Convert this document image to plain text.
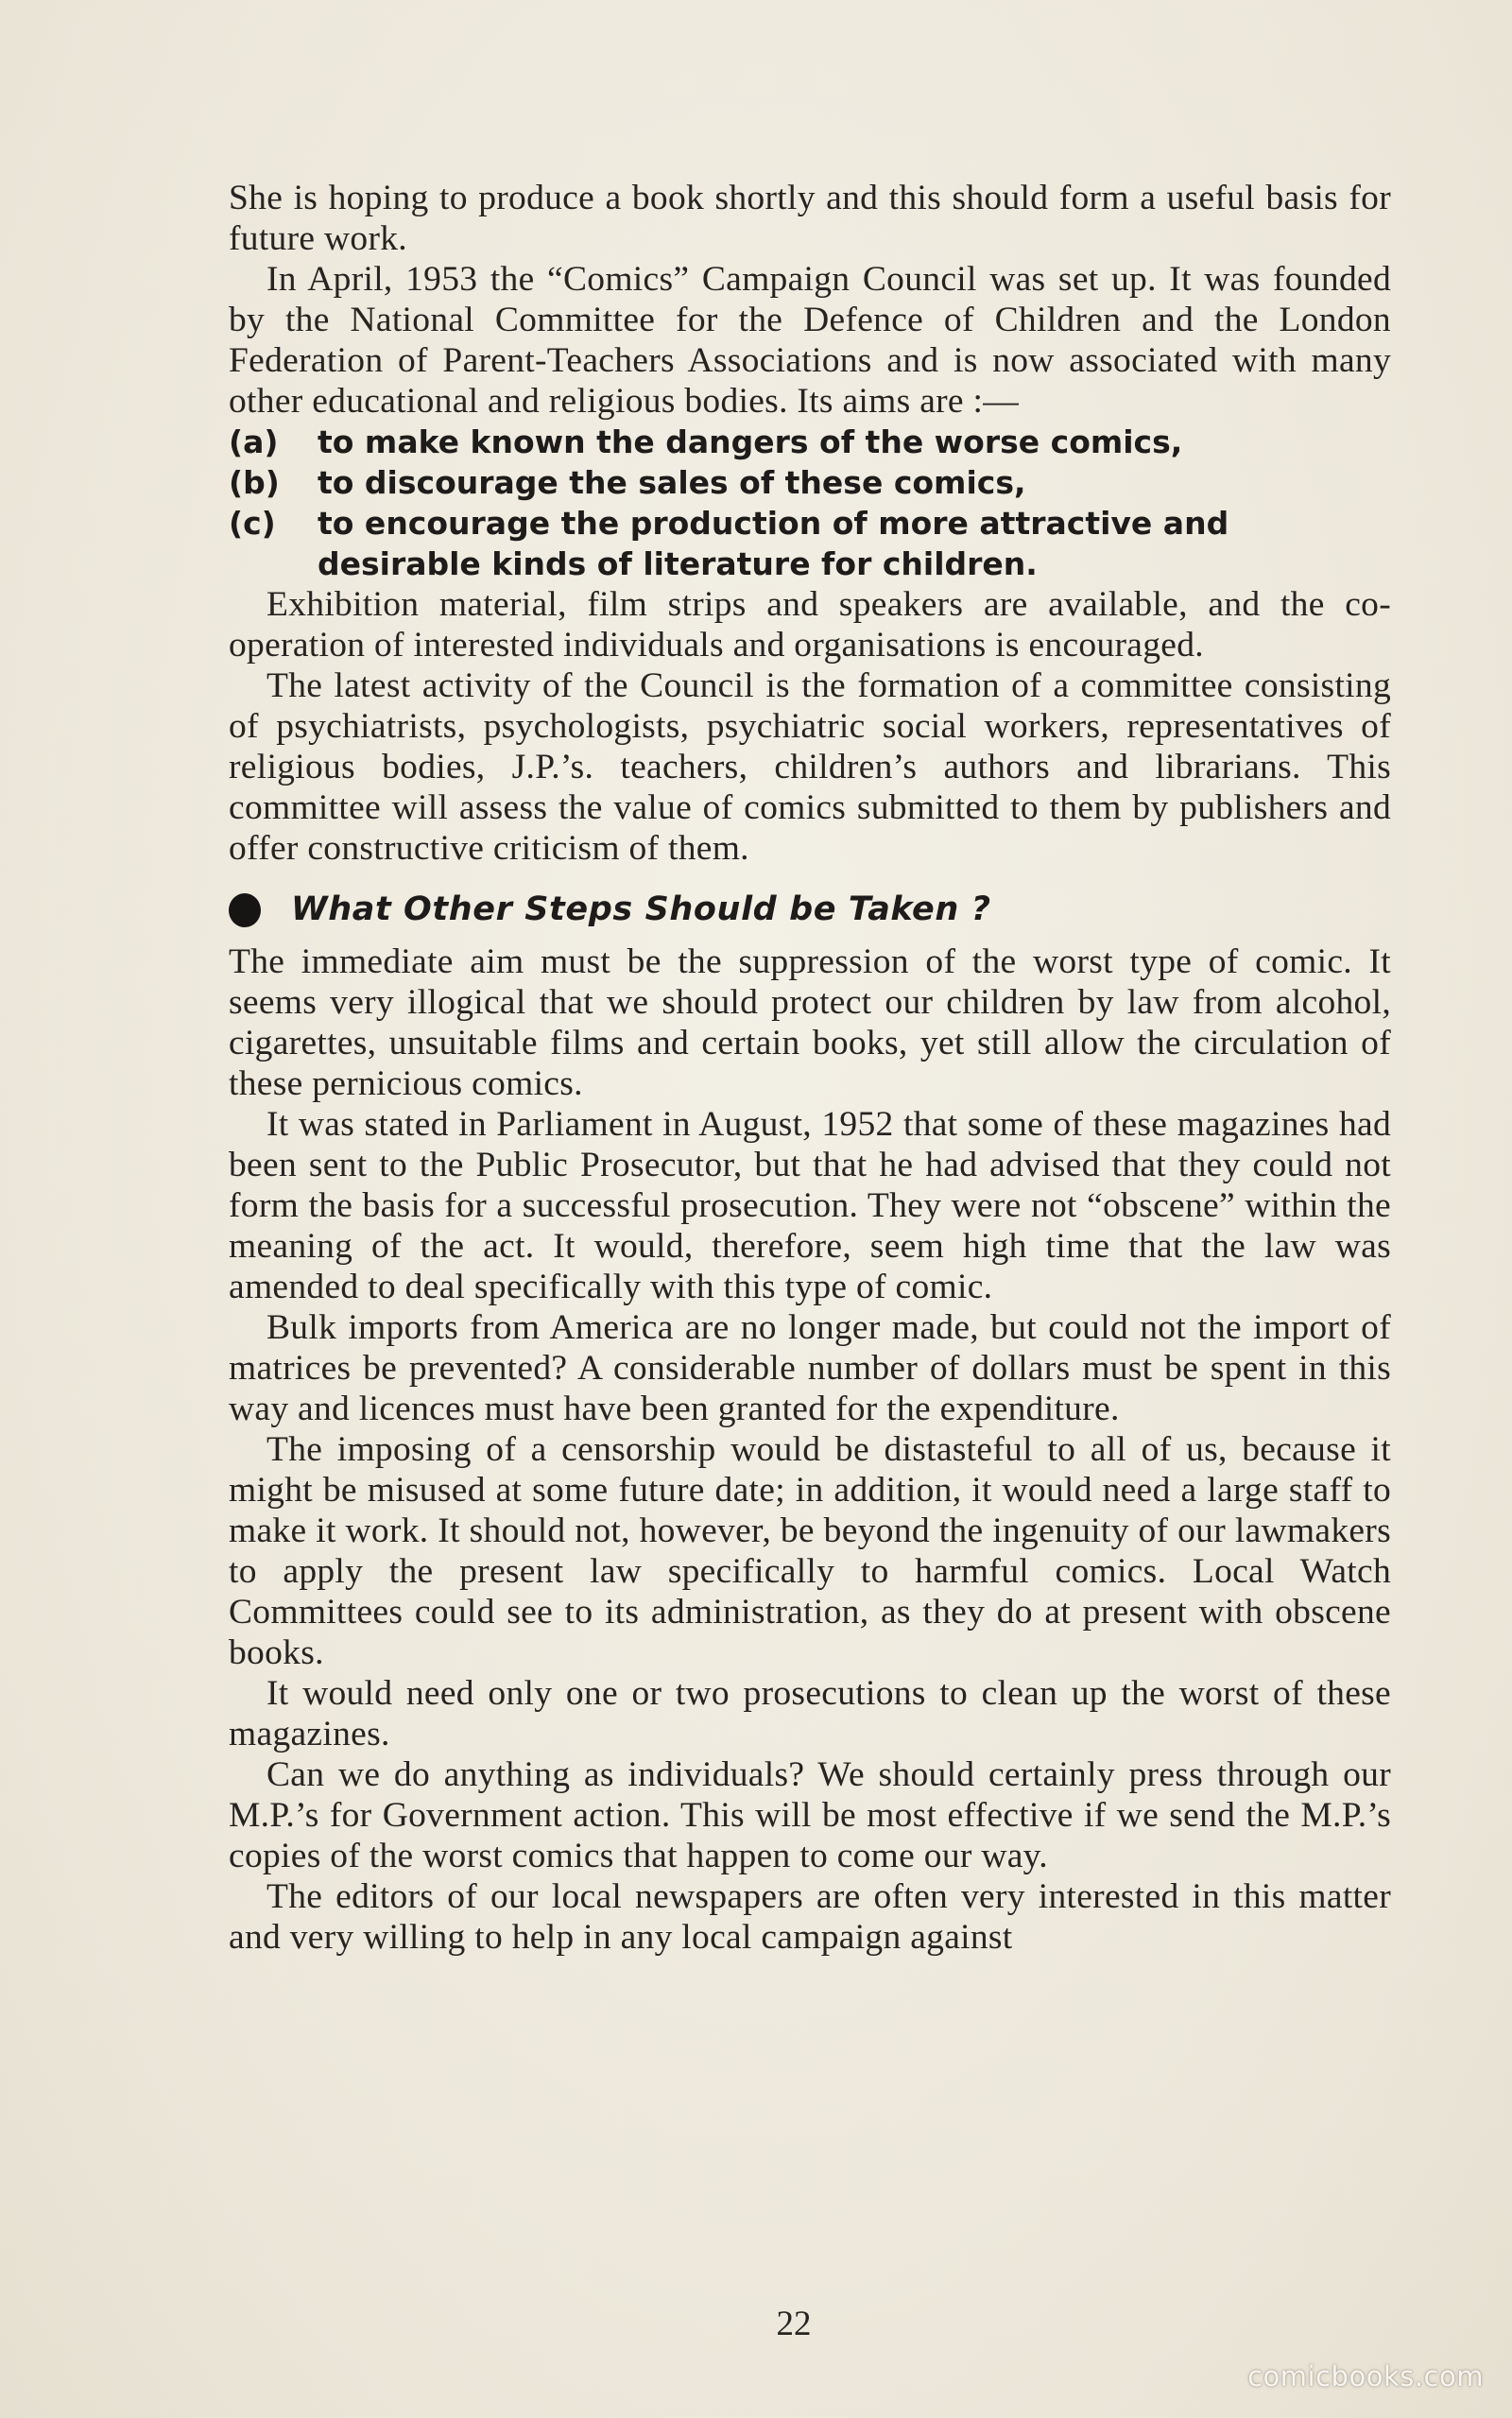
She is hoping to produce a book shortly and this should form a useful basis for future work.

In April, 1953 the “Comics” Campaign Council was set up. It was founded by the National Committee for the Defence of Children and the London Federation of Parent-Teachers Associations and is now associated with many other educational and religious bodies. Its aims are :—

(a)	to make known the dangers of the worse comics,
(b)	to discourage the sales of these comics,
(c)	to encourage the production of more attractive and desirable kinds of literature for children.

Exhibition material, film strips and speakers are available, and the co-operation of interested individuals and organisations is encouraged.

The latest activity of the Council is the formation of a committee consisting of psychiatrists, psychologists, psychiatric social workers, representatives of religious bodies, J.P.’s. teachers, children’s authors and librarians. This committee will assess the value of comics submitted to them by publishers and offer constructive criticism of them.

What Other Steps Should be Taken ?

The immediate aim must be the suppression of the worst type of comic. It seems very illogical that we should protect our children by law from alcohol, cigarettes, unsuitable films and certain books, yet still allow the circulation of these pernicious comics.

It was stated in Parliament in August, 1952 that some of these magazines had been sent to the Public Prosecutor, but that he had advised that they could not form the basis for a successful prosecution. They were not “obscene” within the meaning of the act. It would, therefore, seem high time that the law was amended to deal specifically with this type of comic.

Bulk imports from America are no longer made, but could not the import of matrices be prevented? A considerable number of dollars must be spent in this way and licences must have been granted for the expenditure.

The imposing of a censorship would be distasteful to all of us, because it might be misused at some future date; in addition, it would need a large staff to make it work. It should not, however, be beyond the ingenuity of our lawmakers to apply the present law specifically to harmful comics. Local Watch Committees could see to its administration, as they do at present with obscene books.

It would need only one or two prosecutions to clean up the worst of these magazines.

Can we do anything as individuals? We should certainly press through our M.P.’s for Government action. This will be most effective if we send the M.P.’s copies of the worst comics that happen to come our way.

The editors of our local newspapers are often very interested in this matter and very willing to help in any local campaign against

22
comicbooks.com
